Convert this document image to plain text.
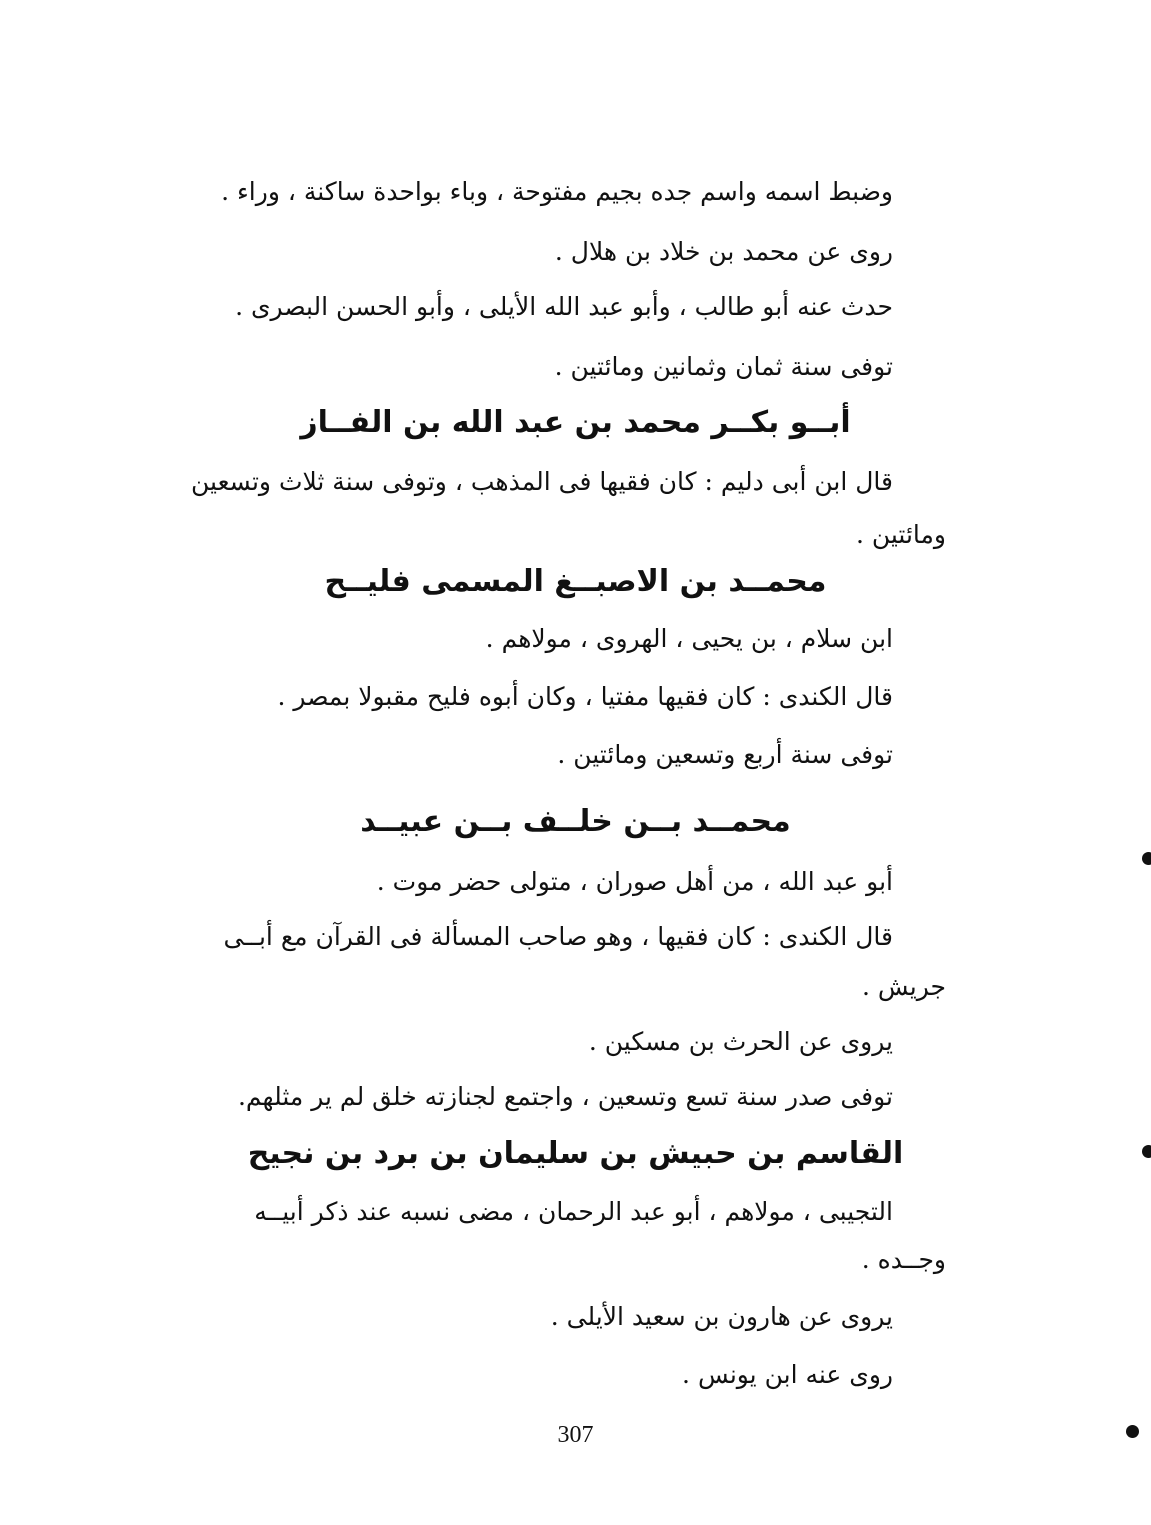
وضبط اسمه واسم جده بجيم مفتوحة ، وباء بواحدة ساكنة ، وراء .
روى عن محمد بن خلاد بن هلال .
حدث عنه أبو طالب ، وأبو عبد الله الأيلى ، وأبو الحسن البصرى .
توفى سنة ثمان وثمانين ومائتين .
أبــو بكــر محمد بن عبد الله بن الفــاز
قال ابن أبى دليم : كان فقيها فى المذهب ، وتوفى سنة ثلاث وتسعين
ومائتين .
محمــد بن الاصبــغ المسمى فليــح
ابن سلام ، بن يحيى ، الهروى ، مولاهم .
قال الكندى : كان فقيها مفتيا ، وكان أبوه فليح مقبولا بمصر .
توفى سنة أربع وتسعين ومائتين .
محمــد بــن خلــف بــن عبيــد
أبو عبد الله ، من أهل صوران ، متولى حضر موت .
قال الكندى : كان فقيها ، وهو صاحب المسألة فى القرآن مع أبــى
جريش .
يروى عن الحرث بن مسكين .
توفى صدر سنة تسع وتسعين ، واجتمع لجنازته خلق لم ير مثلهم.
القاسم بن حبيش بن سليمان بن برد بن نجيح
التجيبى ، مولاهم ، أبو عبد الرحمان ، مضى نسبه عند ذكر أبيــه
وجــده .
يروى عن هارون بن سعيد الأيلى .
روى عنه ابن يونس .
307
